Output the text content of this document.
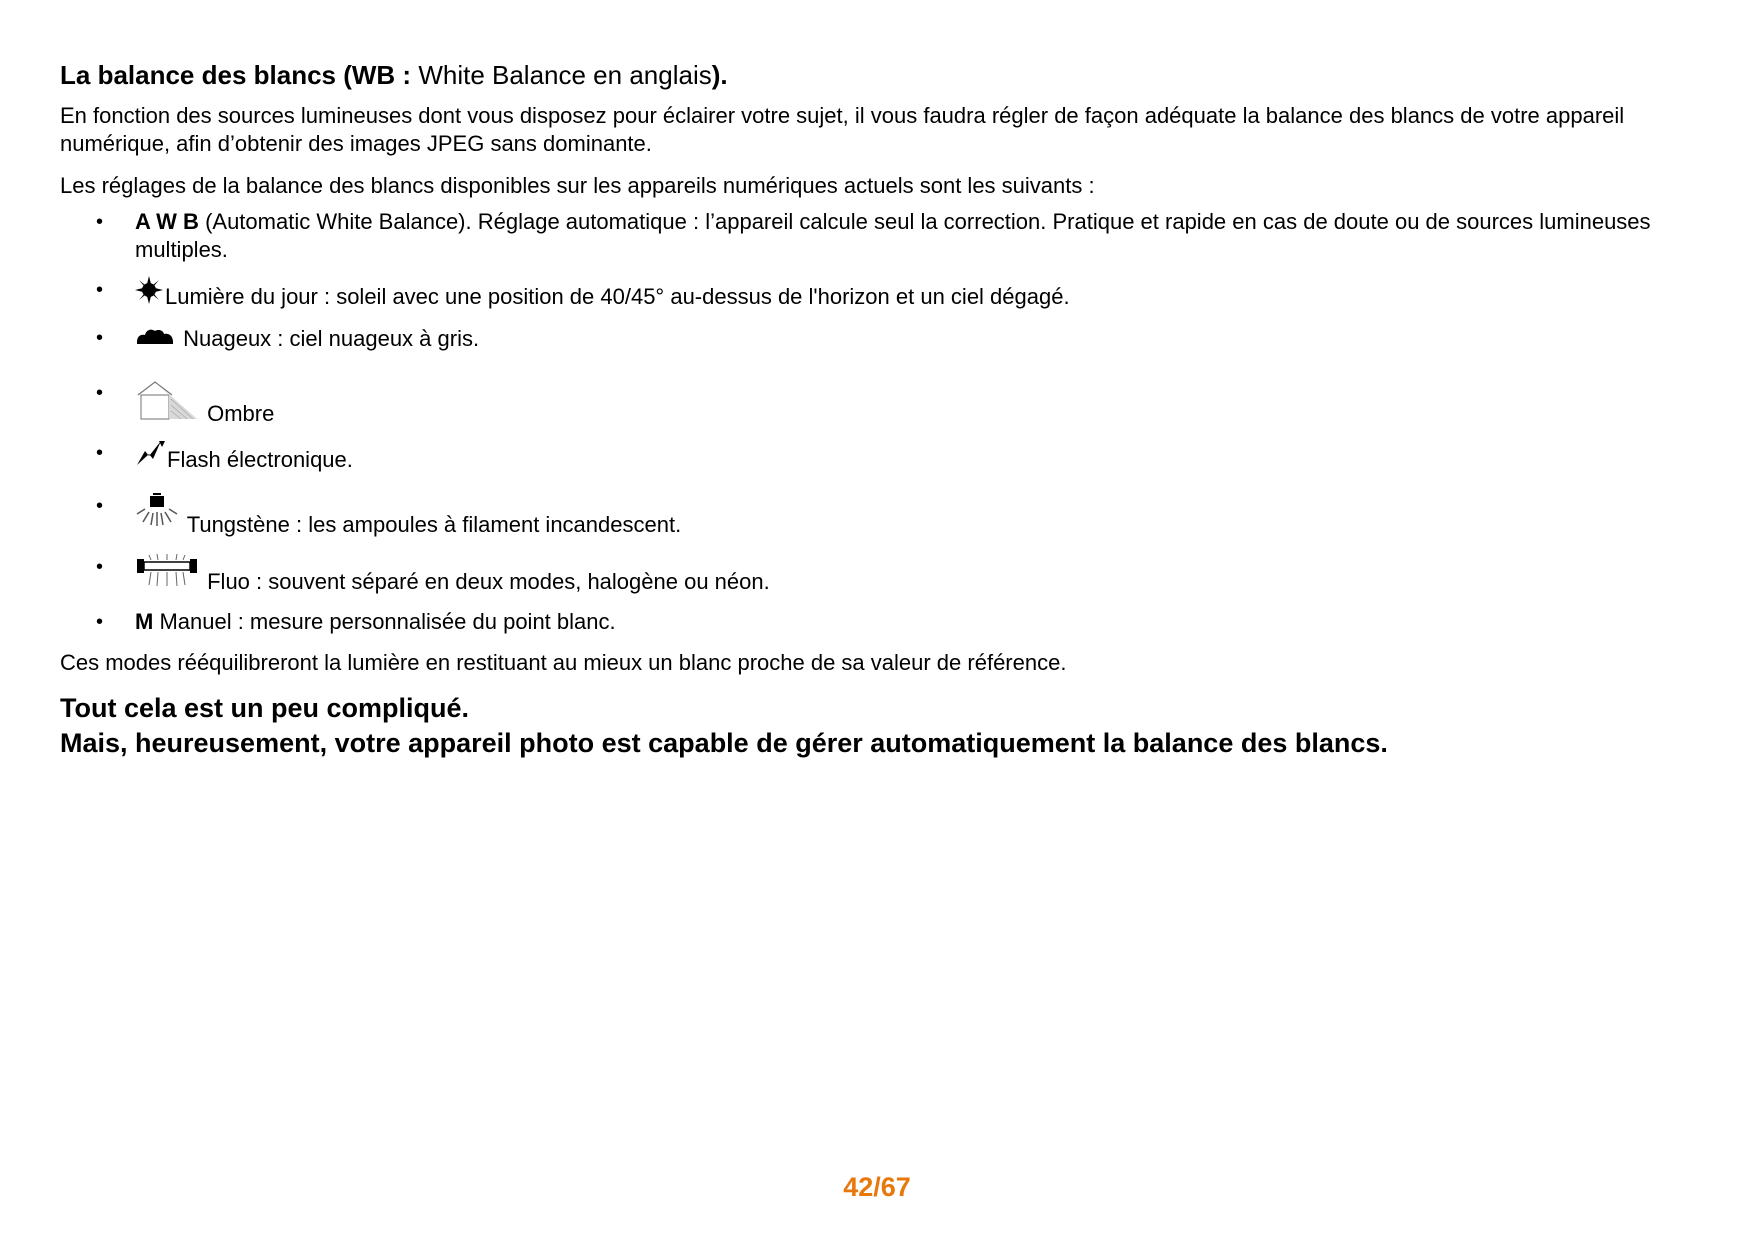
La balance des blancs (WB : White Balance en anglais).

En fonction des sources lumineuses dont vous disposez pour éclairer votre sujet, il vous faudra régler de façon adéquate la balance des blancs de votre appareil numérique, afin d’obtenir des images JPEG sans dominante.

Les réglages de la balance des blancs disponibles sur les appareils numériques actuels sont les suivants :

• A W B (Automatic White Balance). Réglage automatique : l’appareil calcule seul la correction. Pratique et rapide en cas de doute ou de sources lumineuses multiples.
•	Lumière du jour : soleil avec une position de 40/45° au-dessus de l'horizon et un ciel dégagé.
•	Nuageux : ciel nuageux à gris.
•
Ombre
•	Flash électronique.
•
Tungstène : les ampoules à filament incandescent.
•
Fluo : souvent séparé en deux modes, halogène ou néon.
• M Manuel : mesure personnalisée du point blanc.

Ces modes rééquilibreront la lumière en restituant au mieux un blanc proche de sa valeur de référence.

Tout cela est un peu compliqué.

Mais, heureusement, votre appareil photo est capable de gérer automatiquement la balance des blancs.

42/67
